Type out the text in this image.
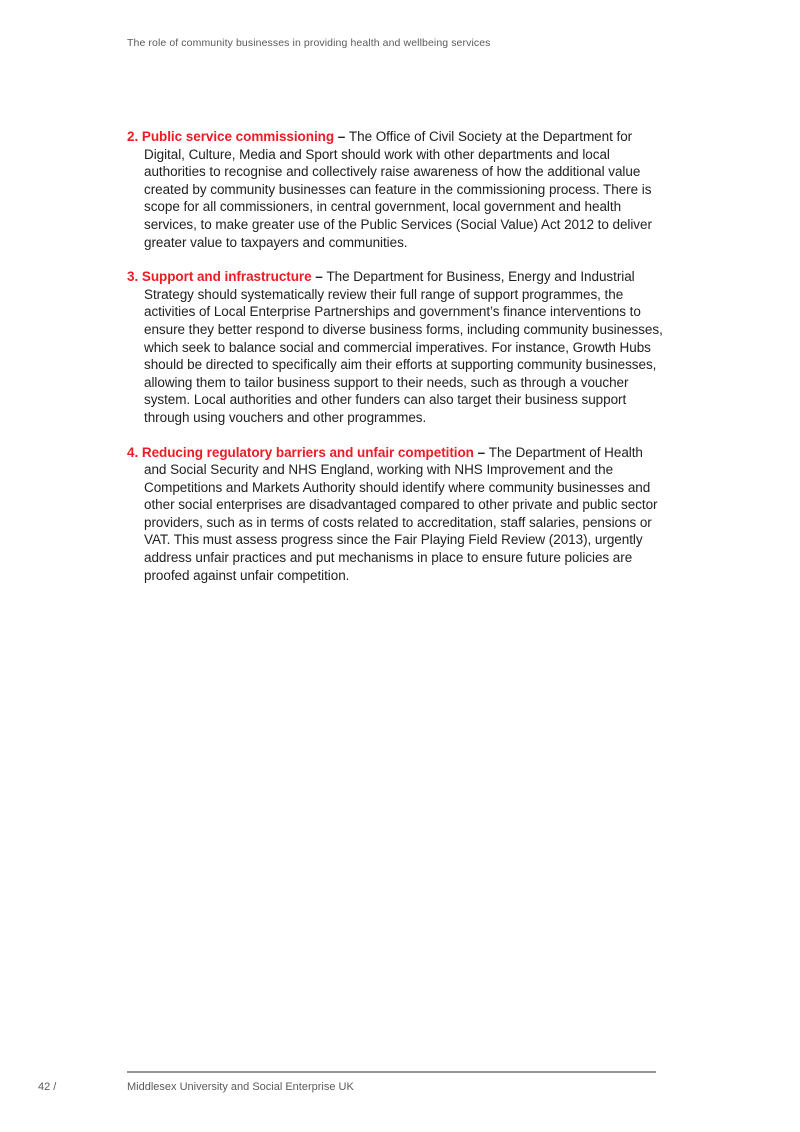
The role of community businesses in providing health and wellbeing services

2. Public service commissioning – The Office of Civil Society at the Department for Digital, Culture, Media and Sport should work with other departments and local authorities to recognise and collectively raise awareness of how the additional value created by community businesses can feature in the commissioning process. There is scope for all commissioners, in central government, local government and health services, to make greater use of the Public Services (Social Value) Act 2012 to deliver greater value to taxpayers and communities.

3. Support and infrastructure – The Department for Business, Energy and Industrial Strategy should systematically review their full range of support programmes, the activities of Local Enterprise Partnerships and government’s finance interventions to ensure they better respond to diverse business forms, including community businesses, which seek to balance social and commercial imperatives. For instance, Growth Hubs should be directed to specifically aim their efforts at supporting community businesses, allowing them to tailor business support to their needs, such as through a voucher system. Local authorities and other funders can also target their business support through using vouchers and other programmes.

4. Reducing regulatory barriers and unfair competition – The Department of Health and Social Security and NHS England, working with NHS Improvement and the Competitions and Markets Authority should identify where community businesses and other social enterprises are disadvantaged compared to other private and public sector providers, such as in terms of costs related to accreditation, staff salaries, pensions or VAT. This must assess progress since the Fair Playing Field Review (2013), urgently address unfair practices and put mechanisms in place to ensure future policies are proofed against unfair competition.

42 /	Middlesex University and Social Enterprise UK
